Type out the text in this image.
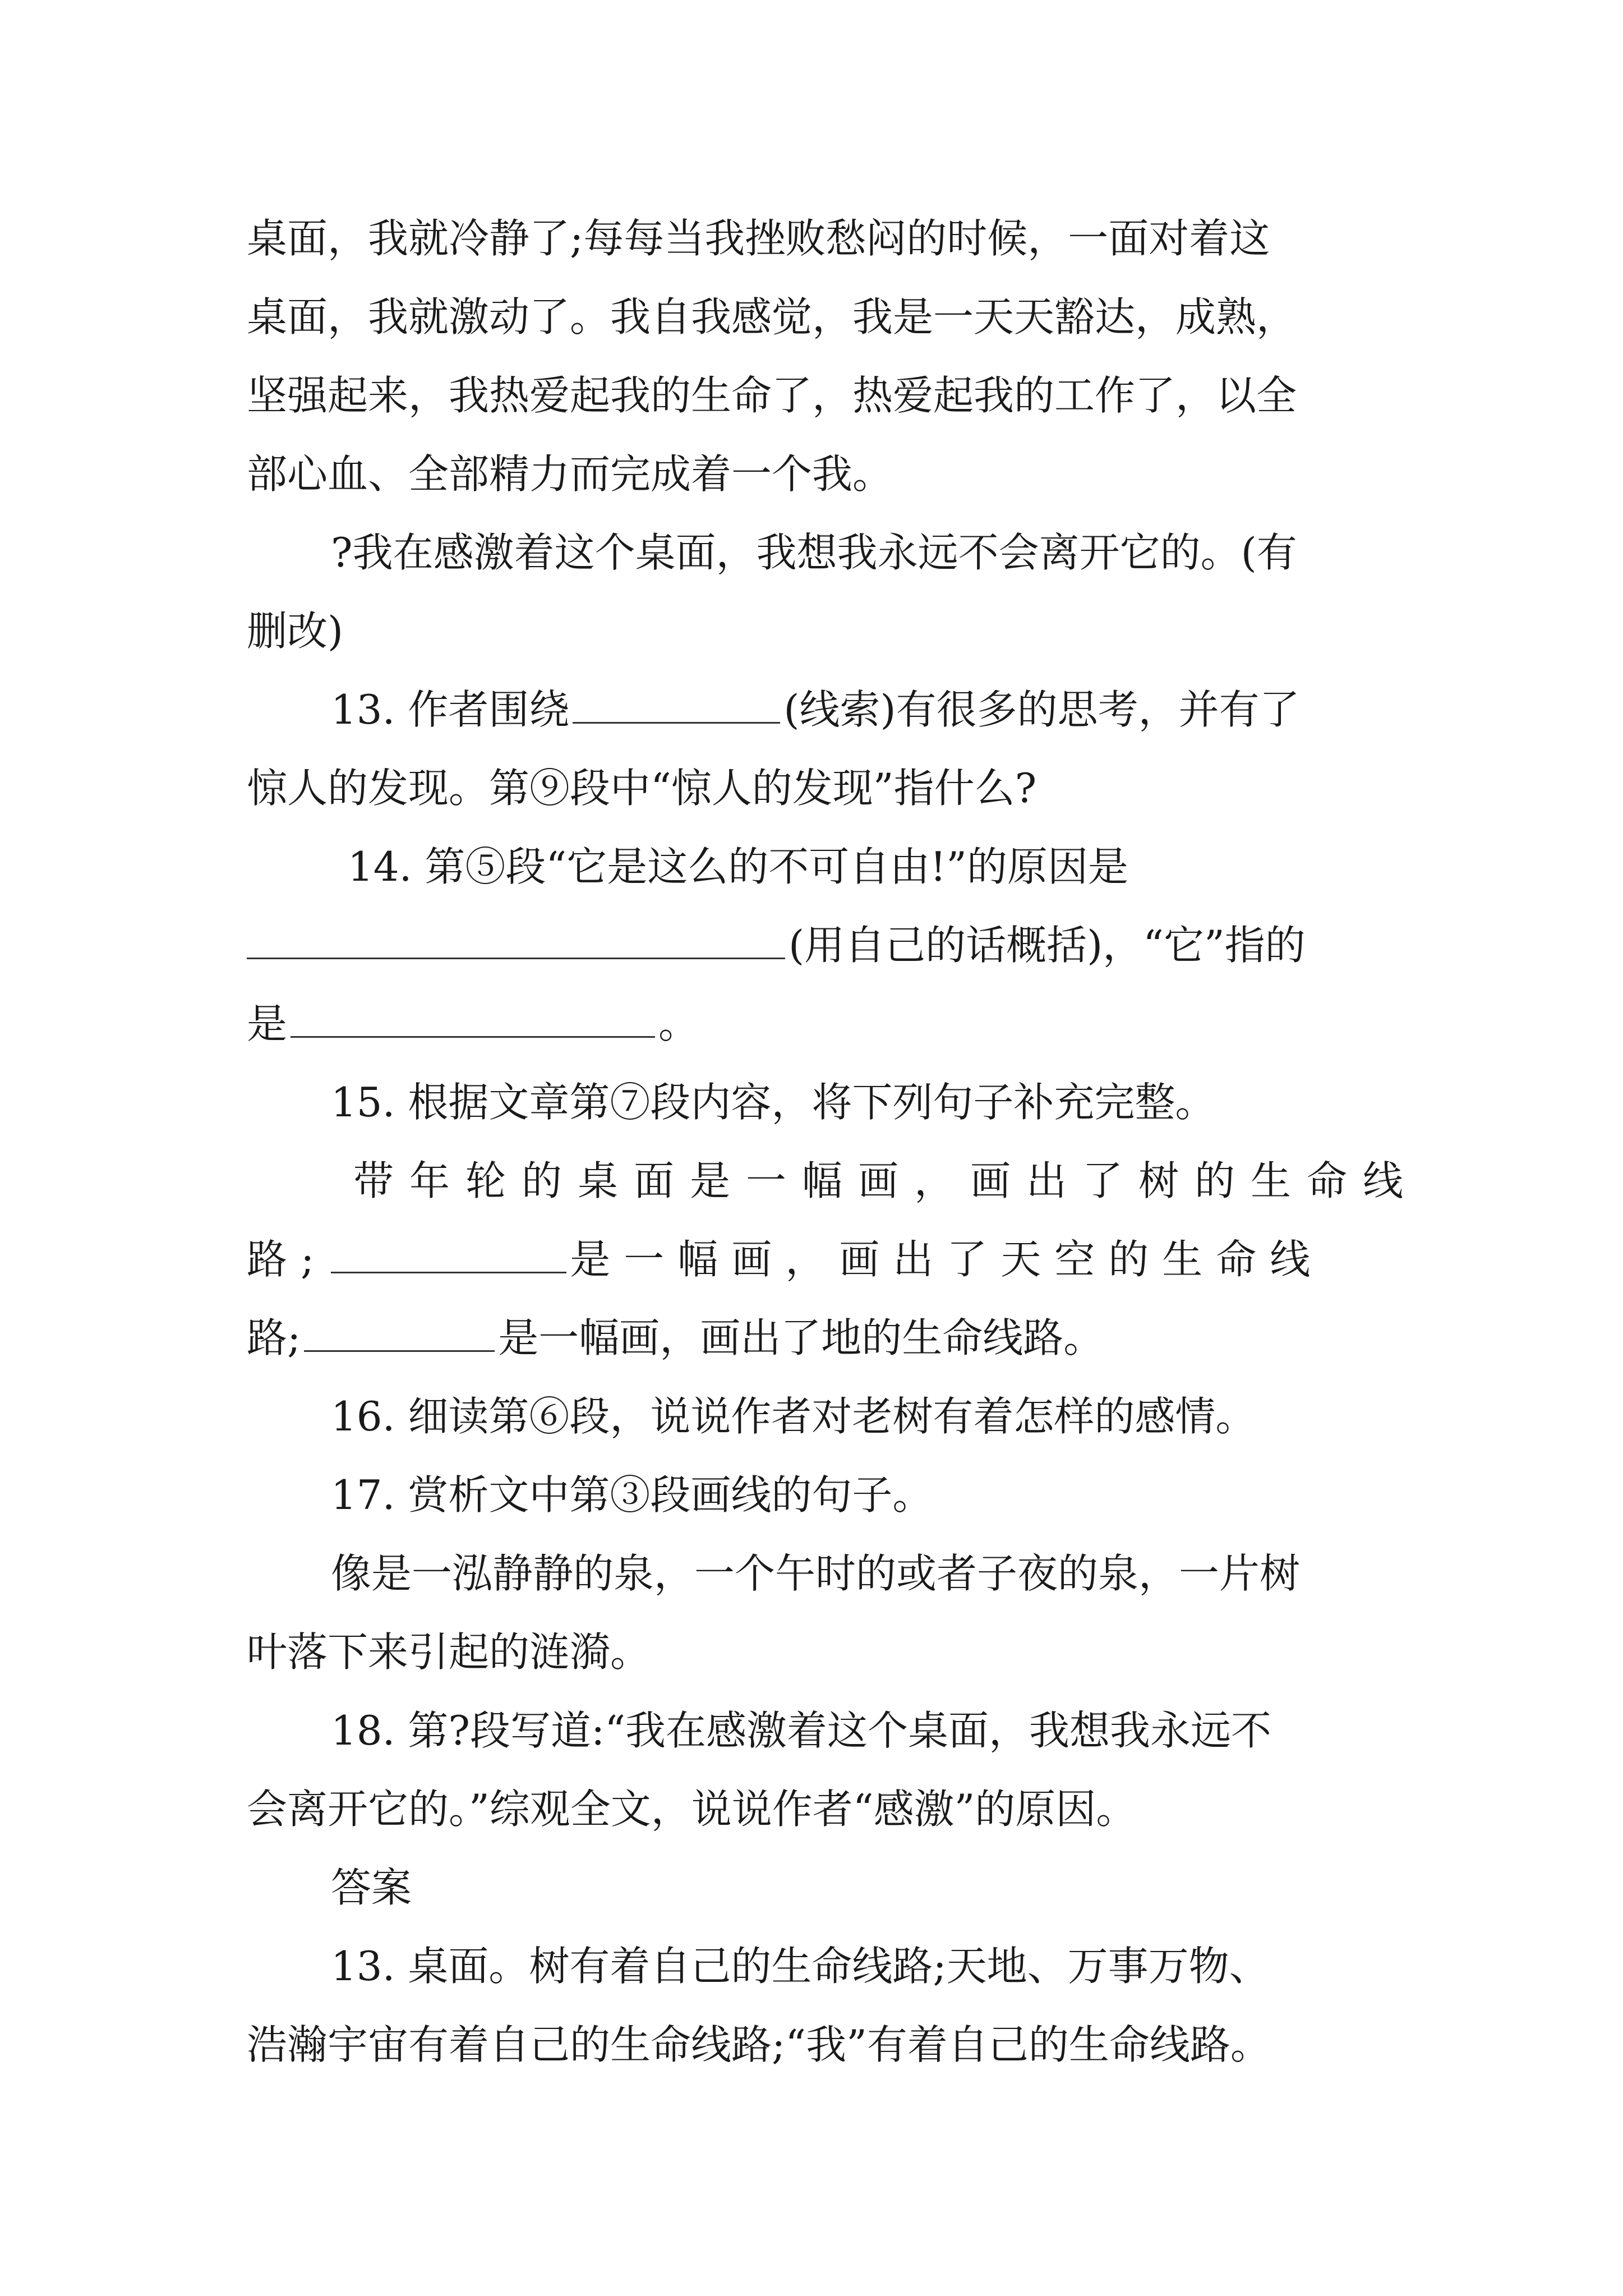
桌面，我就冷静了;每每当我挫败愁闷的时候，一面对着这
桌面，我就激动了。我自我感觉，我是一天天豁达，成熟，
坚强起来，我热爱起我的生命了，热爱起我的工作了，以全
部心血、全部精力而完成着一个我。
?我在感激着这个桌面，我想我永远不会离开它的。(有
删改)
13. 作者围绕	(线索)有很多的思考，并有了
惊人的发现。第⑨段中“惊人的发现”指什么?
14. 第⑤段“它是这么的不可自由!”的原因是
(用自己的话概括)，“它”指的
是	。
15. 根据文章第⑦段内容，将下列句子补充完整。
带年轮的桌面是一幅画，画出了树的生命线
路;	是一幅画，画出了天空的生命线
路;	是一幅画，画出了地的生命线路。
16. 细读第⑥段，说说作者对老树有着怎样的感情。
17. 赏析文中第③段画线的句子。
像是一泓静静的泉，一个午时的或者子夜的泉，一片树
叶落下来引起的涟漪。
18. 第?段写道:“我在感激着这个桌面，我想我永远不
会离开它的。”综观全文，说说作者“感激”的原因。
答案
13. 桌面。树有着自己的生命线路;天地、万事万物、
浩瀚宇宙有着自己的生命线路;“我”有着自己的生命线路。
